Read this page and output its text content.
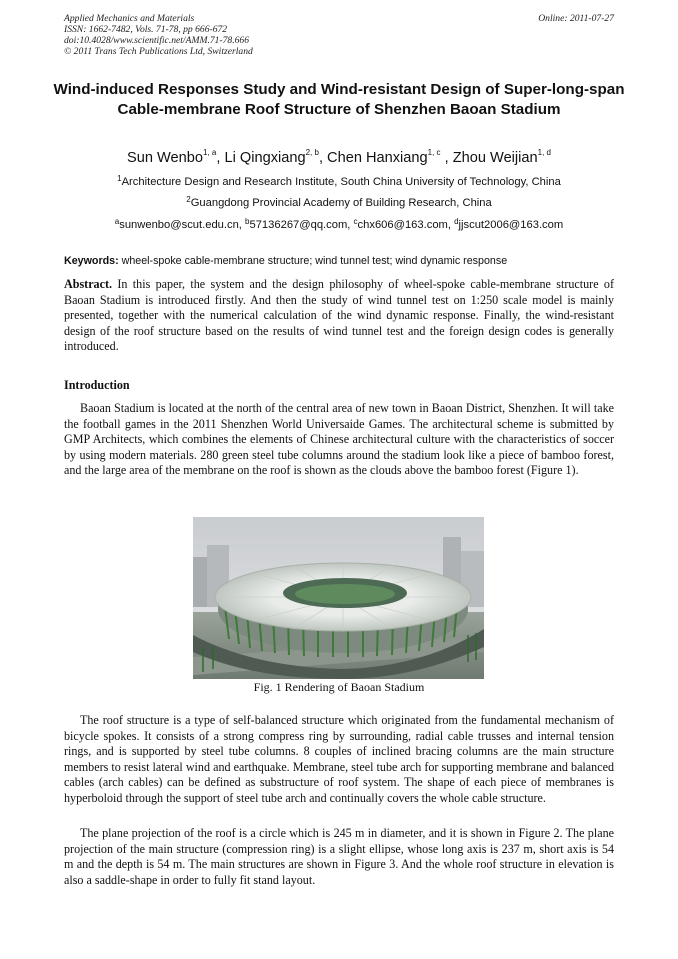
Applied Mechanics and Materials
ISSN: 1662-7482, Vols. 71-78, pp 666-672
doi:10.4028/www.scientific.net/AMM.71-78.666
© 2011 Trans Tech Publications Ltd, Switzerland
Online: 2011-07-27
Wind-induced Responses Study and Wind-resistant Design of Super-long-span Cable-membrane Roof Structure of Shenzhen Baoan Stadium
Sun Wenbo$^{1, a}$, Li Qingxiang$^{2, b}$, Chen Hanxiang$^{1, c}$ , Zhou Weijian$^{1, d}$
$^1$Architecture Design and Research Institute, South China University of Technology, China
$^2$Guangdong Provincial Academy of Building Research, China
$^a$sunwenbo@scut.edu.cn, $^b$57136267@qq.com, $^c$chx606@163.com, $^d$jjscut2006@163.com
Keywords: wheel-spoke cable-membrane structure; wind tunnel test; wind dynamic response
Abstract. In this paper, the system and the design philosophy of wheel-spoke cable-membrane structure of Baoan Stadium is introduced firstly. And then the study of wind tunnel test on 1:250 scale model is mainly presented, together with the numerical calculation of the wind dynamic response. Finally, the wind-resistant design of the roof structure based on the results of wind tunnel test and the foreign design codes is generally introduced.
Introduction
Baoan Stadium is located at the north of the central area of new town in Baoan District, Shenzhen. It will take the football games in the 2011 Shenzhen World Universaide Games. The architectural scheme is submitted by GMP Architects, which combines the elements of Chinese architectural culture with the characteristics of soccer by using modern materials. 280 green steel tube columns around the stadium look like a piece of bamboo forest, and the large area of the membrane on the roof is shown as the clouds above the bamboo forest (Figure 1).
Fig. 1 Rendering of Baoan Stadium
The roof structure is a type of self-balanced structure which originated from the fundamental mechanism of bicycle spokes. It consists of a strong compress ring by surrounding, radial cable trusses and internal tension rings, and is supported by steel tube columns. 8 couples of inclined bracing columns are the main structure members to resist lateral wind and earthquake. Membrane, steel tube arch for supporting membrane and balanced cables (arch cables) can be defined as substructure of roof system. The shape of each piece of membranes is hyperboloid through the support of steel tube arch and continually covers the whole cable structure.
The plane projection of the roof is a circle which is 245 m in diameter, and it is shown in Figure 2. The plane projection of the main structure (compression ring) is a slight ellipse, whose long axis is 237 m, short axis is 54 m and the depth is 54 m. The main structures are shown in Figure 3. And the whole roof structure in elevation is also a saddle-shape in order to fully fit stand layout.
